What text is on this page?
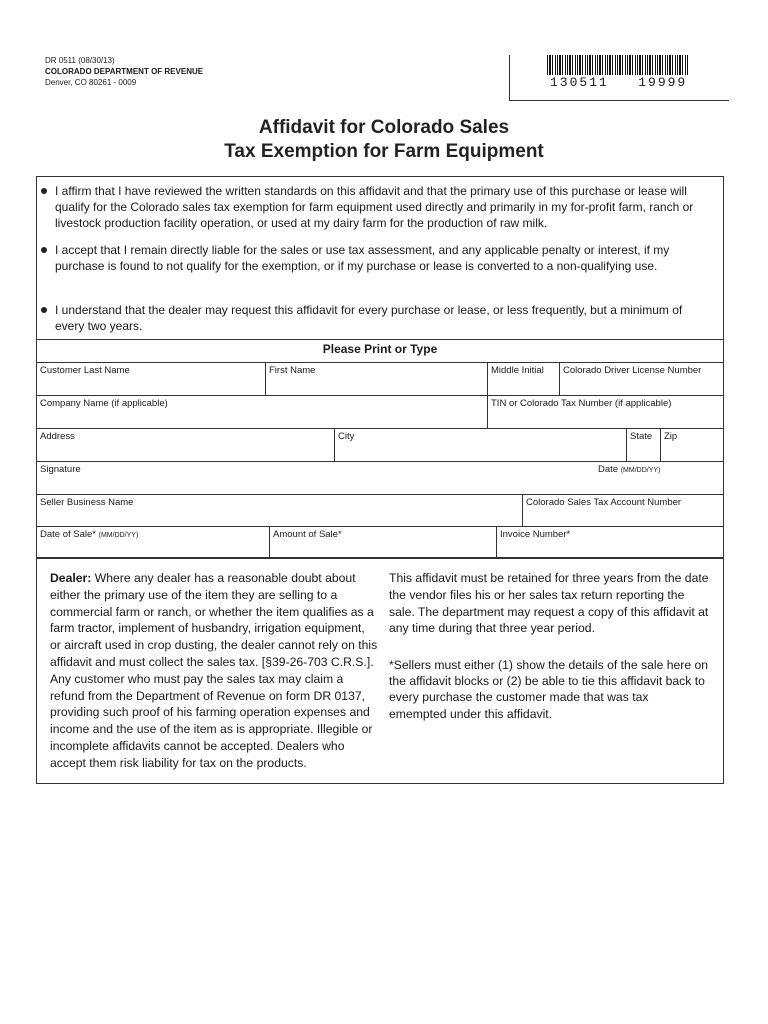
DR 0511 (08/30/13)
COLORADO DEPARTMENT OF REVENUE
Denver, CO 80261 - 0009	130511   19999
Affidavit for Colorado Sales
Tax Exemption for Farm Equipment
I affirm that I have reviewed the written standards on this affidavit and that the primary use of this purchase or lease will qualify for the Colorado sales tax exemption for farm equipment used directly and primarily in my for-profit farm, ranch or livestock production facility operation, or used at my dairy farm for the production of raw milk.
I accept that I remain directly liable for the sales or use tax assessment, and any applicable penalty or interest, if my purchase is found to not qualify for the exemption, or if my purchase or lease is converted to a non-qualifying use.
I understand that the dealer may request this affidavit for every purchase or lease, or less frequently, but a minimum of every two years.
Please Print or Type
Customer Last Name	First Name	Middle Initial	Colorado Driver License Number
Company Name (if applicable)	TIN or Colorado Tax Number (if applicable)
Address	City	State	Zip
Signature	Date (MM/DD/YY)
Seller Business Name	Colorado Sales Tax Account Number
Date of Sale* (MM/DD/YY)	Amount of Sale*	Invoice Number*
Dealer: Where any dealer has a reasonable doubt about either the primary use of the item they are selling to a commercial farm or ranch, or whether the item qualifies as a farm tractor, implement of husbandry, irrigation equipment, or aircraft used in crop dusting, the dealer cannot rely on this affidavit and must collect the sales tax. [§39-26-703 C.R.S.]. Any customer who must pay the sales tax may claim a refund from the Department of Revenue on form DR 0137, providing such proof of his farming operation expenses and income and the use of the item as is appropriate. Illegible or incomplete affidavits cannot be accepted. Dealers who accept them risk liability for tax on the products.
This affidavit must be retained for three years from the date the vendor files his or her sales tax return reporting the sale. The department may request a copy of this affidavit at any time during that three year period.
*Sellers must either (1) show the details of the sale here on the affidavit blocks or (2) be able to tie this affidavit back to every purchase the customer made that was tax emempted under this affidavit.
